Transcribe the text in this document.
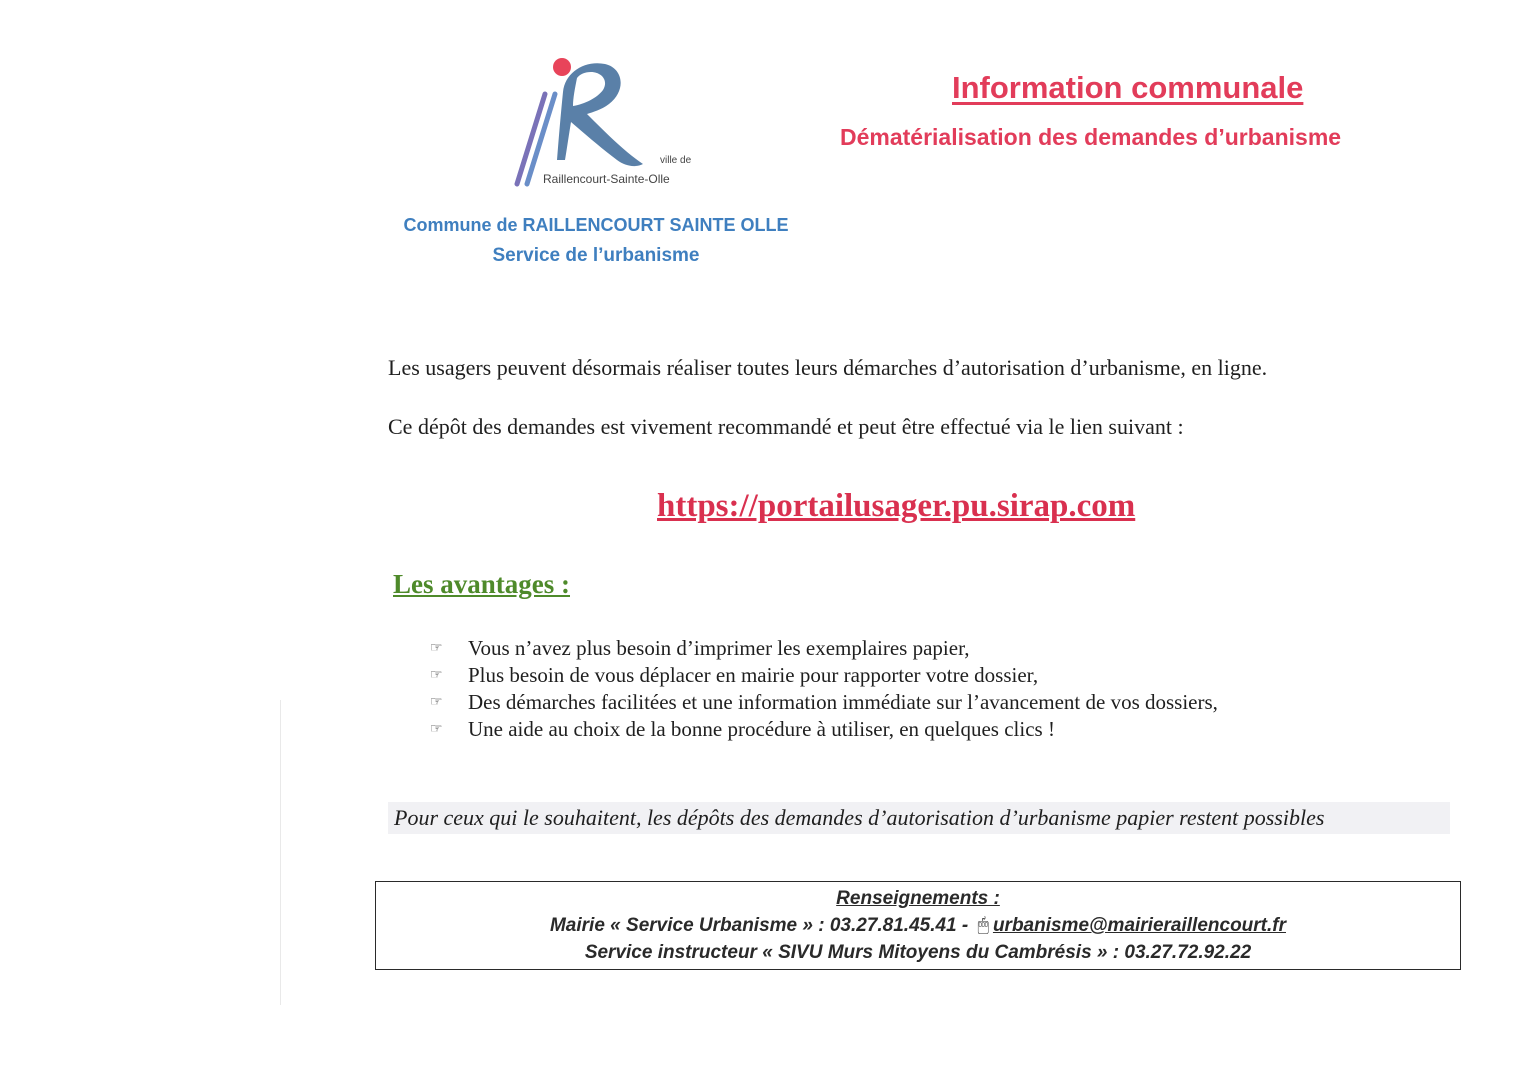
ville de
Raillencourt-Sainte-Olle
Commune de RAILLENCOURT SAINTE OLLE
Service de l’urbanisme
Information communale
Dématérialisation des demandes d’urbanisme
Les usagers peuvent désormais réaliser toutes leurs démarches d’autorisation d’urbanisme, en ligne.
Ce dépôt des demandes est vivement recommandé et peut être effectué via le lien suivant :
https://portailusager.pu.sirap.com
Les avantages :
☞	Vous n’avez plus besoin d’imprimer les exemplaires papier,
☞	Plus besoin de vous déplacer en mairie pour rapporter votre dossier,
☞	Des démarches facilitées et une information immédiate sur l’avancement de vos dossiers,
☞	Une aide au choix de la bonne procédure à utiliser, en quelques clics !
Pour ceux qui le souhaitent, les dépôts des demandes d’autorisation d’urbanisme papier restent possibles
Renseignements :
Mairie « Service Urbanisme » : 03.27.81.45.41 - 🖱︎ urbanisme@mairieraillencourt.fr
Service instructeur « SIVU Murs Mitoyens du Cambrésis » : 03.27.72.92.22
